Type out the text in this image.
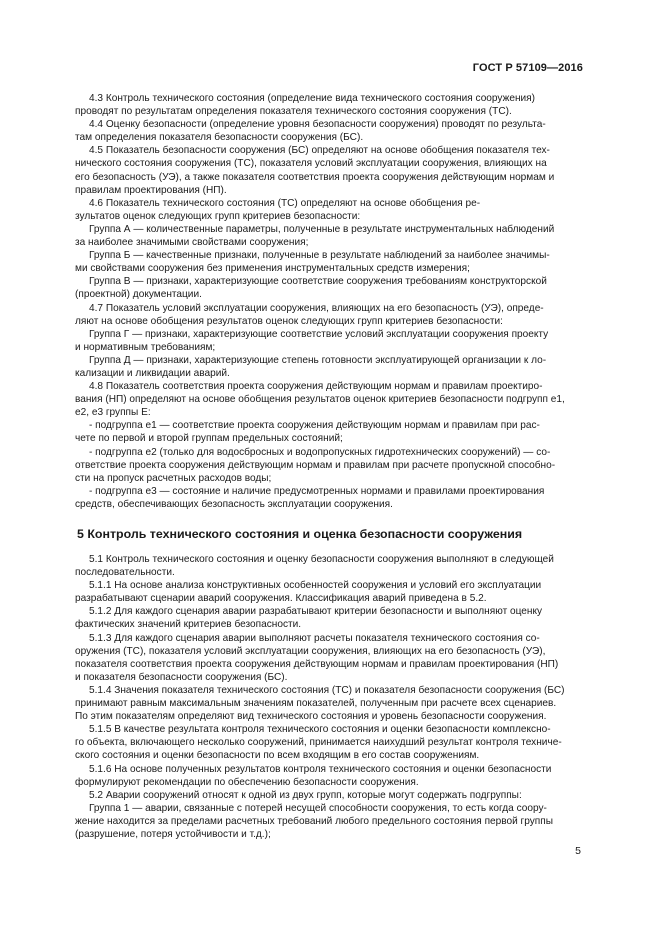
ГОСТ Р 57109—2016
4.3 Контроль технического состояния (определение вида технического состояния сооружения)
проводят по результатам определения показателя технического состояния сооружения (ТС).
4.4 Оценку безопасности (определение уровня безопасности сооружения) проводят по результа-
там определения показателя безопасности сооружения (БС).
4.5 Показатель безопасности сооружения (БС) определяют на основе обобщения показателя тех-
нического состояния сооружения (ТС), показателя условий эксплуатации сооружения, влияющих на
его безопасность (УЭ), а также показателя соответствия проекта сооружения действующим нормам и
правилам проектирования (НП).
4.6 Показатель технического состояния (ТС) определяют на основе обобщения ре-
зультатов оценок следующих групп критериев безопасности:
Группа А — количественные параметры, полученные в результате инструментальных наблюдений
за наиболее значимыми свойствами сооружения;
Группа Б — качественные признаки, полученные в результате наблюдений за наиболее значимы-
ми свойствами сооружения без применения инструментальных средств измерения;
Группа В — признаки, характеризующие соответствие сооружения требованиям конструкторской
(проектной) документации.
4.7 Показатель условий эксплуатации сооружения, влияющих на его безопасность (УЭ), опреде-
ляют на основе обобщения результатов оценок следующих групп критериев безопасности:
Группа Г — признаки, характеризующие соответствие условий эксплуатации сооружения проекту
и нормативным требованиям;
Группа Д — признаки, характеризующие степень готовности эксплуатирующей организации к ло-
кализации и ликвидации аварий.
4.8 Показатель соответствия проекта сооружения действующим нормам и правилам проектиро-
вания (НП) определяют на основе обобщения результатов оценок критериев безопасности подгрупп е1,
е2, е3 группы Е:
- подгруппа е1 — соответствие проекта сооружения действующим нормам и правилам при рас-
чете по первой и второй группам предельных состояний;
- подгруппа е2 (только для водосбросных и водопропускных гидротехнических сооружений) — со-
ответствие проекта сооружения действующим нормам и правилам при расчете пропускной способно-
сти на пропуск расчетных расходов воды;
- подгруппа е3 — состояние и наличие предусмотренных нормами и правилами проектирования
средств, обеспечивающих безопасность эксплуатации сооружения.
5 Контроль технического состояния и оценка безопасности сооружения
5.1 Контроль технического состояния и оценку безопасности сооружения выполняют в следующей
последовательности.
5.1.1 На основе анализа конструктивных особенностей сооружения и условий его эксплуатации
разрабатывают сценарии аварий сооружения. Классификация аварий приведена в 5.2.
5.1.2 Для каждого сценария аварии разрабатывают критерии безопасности и выполняют оценку
фактических значений критериев безопасности.
5.1.3 Для каждого сценария аварии выполняют расчеты показателя технического состояния со-
оружения (ТС), показателя условий эксплуатации сооружения, влияющих на его безопасность (УЭ),
показателя соответствия проекта сооружения действующим нормам и правилам проектирования (НП)
и показателя безопасности сооружения (БС).
5.1.4 Значения показателя технического состояния (ТС) и показателя безопасности сооружения (БС)
принимают равным максимальным значениям показателей, полученным при расчете всех сценариев.
По этим показателям определяют вид технического состояния и уровень безопасности сооружения.
5.1.5 В качестве результата контроля технического состояния и оценки безопасности комплексно-
го объекта, включающего несколько сооружений, принимается наихудший результат контроля техниче-
ского состояния и оценки безопасности по всем входящим в его состав сооружениям.
5.1.6 На основе полученных результатов контроля технического состояния и оценки безопасности
формулируют рекомендации по обеспечению безопасности сооружения.
5.2 Аварии сооружений относят к одной из двух групп, которые могут содержать подгруппы:
Группа 1 — аварии, связанные с потерей несущей способности сооружения, то есть когда соору-
жение находится за пределами расчетных требований любого предельного состояния первой группы
(разрушение, потеря устойчивости и т.д.);
5
